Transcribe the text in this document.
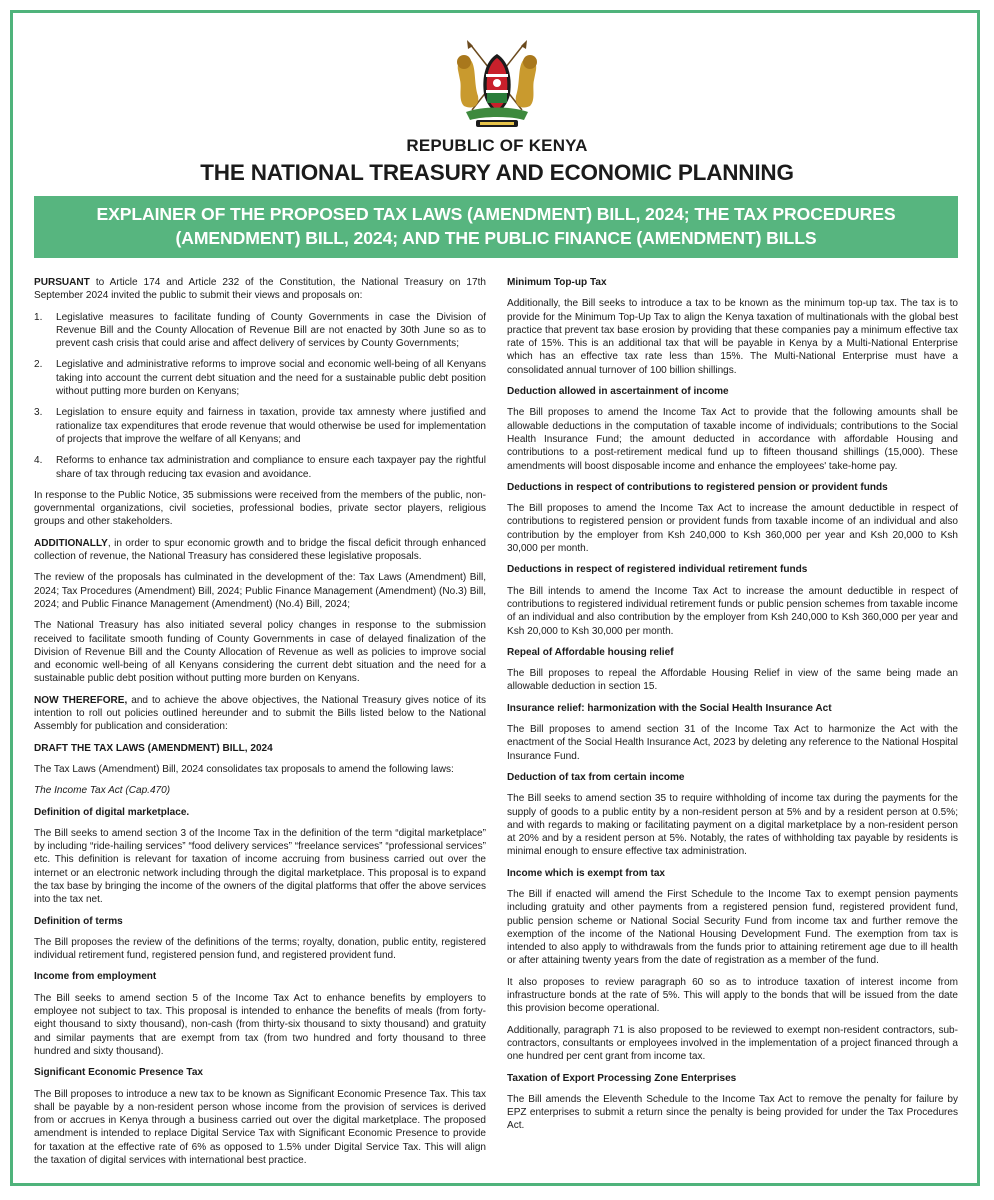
REPUBLIC OF KENYA
THE NATIONAL TREASURY AND ECONOMIC PLANNING
EXPLAINER OF THE PROPOSED TAX LAWS (AMENDMENT) BILL, 2024; THE TAX PROCEDURES
(AMENDMENT) BILL, 2024; AND THE PUBLIC FINANCE (AMENDMENT) BILLS

PURSUANT to Article 174 and Article 232 of the Constitution, the National Treasury on 17th September 2024 invited the public to submit their views and proposals on:

1.	Legislative measures to facilitate funding of County Governments in case the Division of Revenue Bill and the County Allocation of Revenue Bill are not enacted by 30th June so as to prevent cash crisis that could arise and affect delivery of services by County Governments;
2.	Legislative and administrative reforms to improve social and economic well-being of all Kenyans taking into account the current debt situation and the need for a sustainable public debt position without putting more burden on Kenyans;
3.	Legislation to ensure equity and fairness in taxation, provide tax amnesty where justified and rationalize tax expenditures that erode revenue that would otherwise be used for implementation of projects that improve the welfare of all Kenyans; and
4.	Reforms to enhance tax administration and compliance to ensure each taxpayer pay the rightful share of tax through reducing tax evasion and avoidance.

In response to the Public Notice, 35 submissions were received from the members of the public, non-governmental organizations, civil societies, professional bodies, private sector players, religious groups and other stakeholders.

ADDITIONALLY, in order to spur economic growth and to bridge the fiscal deficit through enhanced collection of revenue, the National Treasury has considered these legislative proposals.

The review of the proposals has culminated in the development of the: Tax Laws (Amendment) Bill, 2024; Tax Procedures (Amendment) Bill, 2024; Public Finance Management (Amendment) (No.3) Bill, 2024; and Public Finance Management (Amendment) (No.4) Bill, 2024;

The National Treasury has also initiated several policy changes in response to the submission received to facilitate smooth funding of County Governments in case of delayed finalization of the Division of Revenue Bill and the County Allocation of Revenue as well as policies to improve social and economic well-being of all Kenyans considering the current debt situation and the need for a sustainable public debt position without putting more burden on Kenyans.

NOW THEREFORE, and to achieve the above objectives, the National Treasury gives notice of its intention to roll out policies outlined hereunder and to submit the Bills listed below to the National Assembly for publication and consideration:

DRAFT THE TAX LAWS (AMENDMENT) BILL, 2024

The Tax Laws (Amendment) Bill, 2024 consolidates tax proposals to amend the following laws:

The Income Tax Act (Cap.470)
Definition of digital marketplace.

The Bill seeks to amend section 3 of the Income Tax in the definition of the term “digital marketplace” by including “ride-hailing services” “food delivery services” “freelance services” “professional services” etc. This definition is relevant for taxation of income accruing from business carried out over the internet or an electronic network including through the digital marketplace. This proposal is to expand the tax base by bringing the income of the owners of the digital platforms that offer the above services into the tax net.

Definition of terms

The Bill proposes the review of the definitions of the terms; royalty, donation, public entity, registered individual retirement fund, registered pension fund, and registered provident fund.

Income from employment

The Bill seeks to amend section 5 of the Income Tax Act to enhance benefits by employers to employee not subject to tax. This proposal is intended to enhance the benefits of meals (from forty-eight thousand to sixty thousand), non-cash (from thirty-six thousand to sixty thousand) and gratuity and similar payments that are exempt from tax (from two hundred and forty thousand to three hundred and sixty thousand).

Significant Economic Presence Tax

The Bill proposes to introduce a new tax to be known as Significant Economic Presence Tax. This tax shall be payable by a non-resident person whose income from the provision of services is derived from or accrues in Kenya through a business carried out over the digital marketplace. The proposed amendment is intended to replace Digital Service Tax with Significant Economic Presence to provide for taxation at the effective rate of 6% as opposed to 1.5% under Digital Service Tax. This will align the taxation of digital services with international best practice.

Minimum Top-up Tax

Additionally, the Bill seeks to introduce a tax to be known as the minimum top-up tax. The tax is to provide for the Minimum Top-Up Tax to align the Kenya taxation of multinationals with the global best practice that prevent tax base erosion by providing that these companies pay a minimum effective tax rate of 15%. This is an additional tax that will be payable in Kenya by a Multi-National Enterprise which has an effective tax rate less than 15%. The Multi-National Enterprise must have a consolidated annual turnover of 100 billion shillings.

Deduction allowed in ascertainment of income

The Bill proposes to amend the Income Tax Act to provide that the following amounts shall be allowable deductions in the computation of taxable income of individuals; contributions to the Social Health Insurance Fund; the amount deducted in accordance with affordable Housing and contributions to a post-retirement medical fund up to fifteen thousand shillings (15,000). These amendments will boost disposable income and enhance the employees' take-home pay.

Deductions in respect of contributions to registered pension or provident funds

The Bill proposes to amend the Income Tax Act to increase the amount deductible in respect of contributions to registered pension or provident funds from taxable income of an individual and also contribution by the employer from Ksh 240,000 to Ksh 360,000 per year and Ksh 20,000 to Ksh 30,000 per month.

Deductions in respect of registered individual retirement funds

The Bill intends to amend the Income Tax Act to increase the amount deductible in respect of contributions to registered individual retirement funds or public pension schemes from taxable income of an individual and also contribution by the employer from Ksh 240,000 to Ksh 360,000 per year and Ksh 20,000 to Ksh 30,000 per month.

Repeal of Affordable housing relief

The Bill proposes to repeal the Affordable Housing Relief in view of the same being made an allowable deduction in section 15.

Insurance relief: harmonization with the Social Health Insurance Act

The Bill proposes to amend section 31 of the Income Tax Act to harmonize the Act with the enactment of the Social Health Insurance Act, 2023 by deleting any reference to the National Hospital Insurance Fund.

Deduction of tax from certain income

The Bill seeks to amend section 35 to require withholding of income tax during the payments for the supply of goods to a public entity by a non-resident person at 5% and by a resident person at 0.5%; and with regards to making or facilitating payment on a digital marketplace by a non-resident person at 20% and by a resident person at 5%. Notably, the rates of withholding tax payable by residents is minimal enough to ensure effective tax administration.

Income which is exempt from tax

The Bill if enacted will amend the First Schedule to the Income Tax to exempt pension payments including gratuity and other payments from a registered pension fund, registered provident fund, public pension scheme or National Social Security Fund from income tax and further remove the exemption of the income of the National Housing Development Fund. The exemption from tax is intended to also apply to withdrawals from the funds prior to attaining retirement age due to ill health or after attaining twenty years from the date of registration as a member of the fund.

It also proposes to review paragraph 60 so as to introduce taxation of interest income from infrastructure bonds at the rate of 5%. This will apply to the bonds that will be issued from the date this provision become operational.

Additionally, paragraph 71 is also proposed to be reviewed to exempt non-resident contractors, sub-contractors, consultants or employees involved in the implementation of a project financed through a one hundred per cent grant from income tax.

Taxation of Export Processing Zone Enterprises

The Bill amends the Eleventh Schedule to the Income Tax Act to remove the penalty for failure by EPZ enterprises to submit a return since the penalty is being provided for under the Tax Procedures Act.
